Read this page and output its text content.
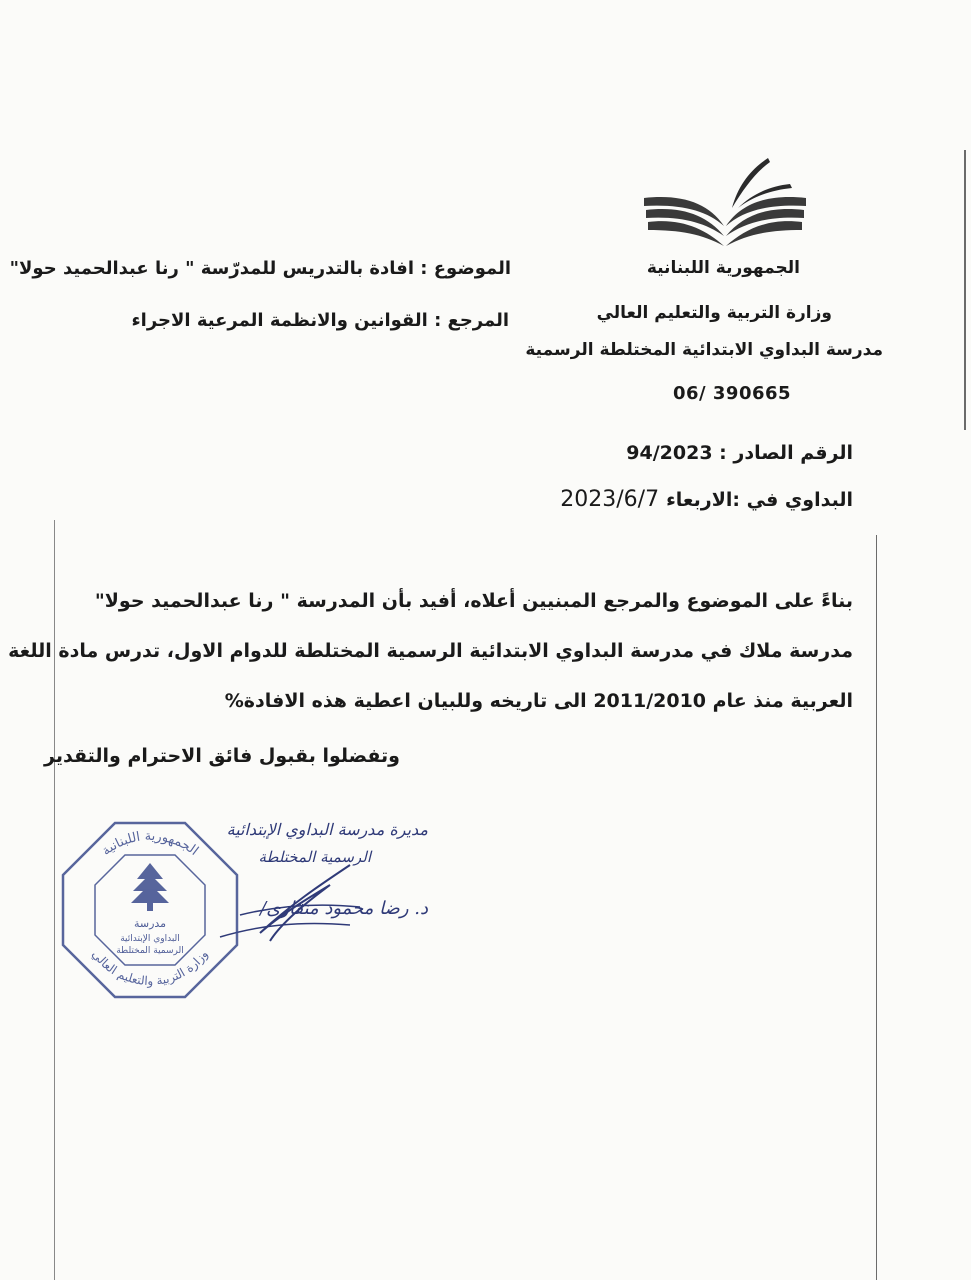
الجمهورية اللبنانية
وزارة التربية والتعليم العالي
مدرسة البداوي الابتدائية المختلطة الرسمية
06/ 390665
الموضوع : افادة بالتدريس للمدرّسة " رنا عبدالحميد حولا"
المرجع : القوانين والانظمة المرعية الاجراء
الرقم الصادر : 94/2023
البداوي في :الاربعاء 2023/6/7
بناءً على الموضوع والمرجع المبنيين أعلاه، أفيد بأن المدرسة " رنا عبدالحميد حولا"
مدرسة ملاك في مدرسة البداوي الابتدائية الرسمية المختلطة للدوام الاول، تدرس مادة اللغة
العربية منذ عام 2011/2010 الى تاريخه وللبيان اعطية هذه الافادة%
وتفضلوا بقبول فائق الاحترام والتقدير
مديرة مدرسة البداوي الإبتدائية
الرسمية المختلطة
د. رضا محمود منقارى/
الجمهورية اللبنانية
وزارة التربية والتعليم العالي
مدرسة
البداوي الإبتدائية
الرسمية المختلطة
